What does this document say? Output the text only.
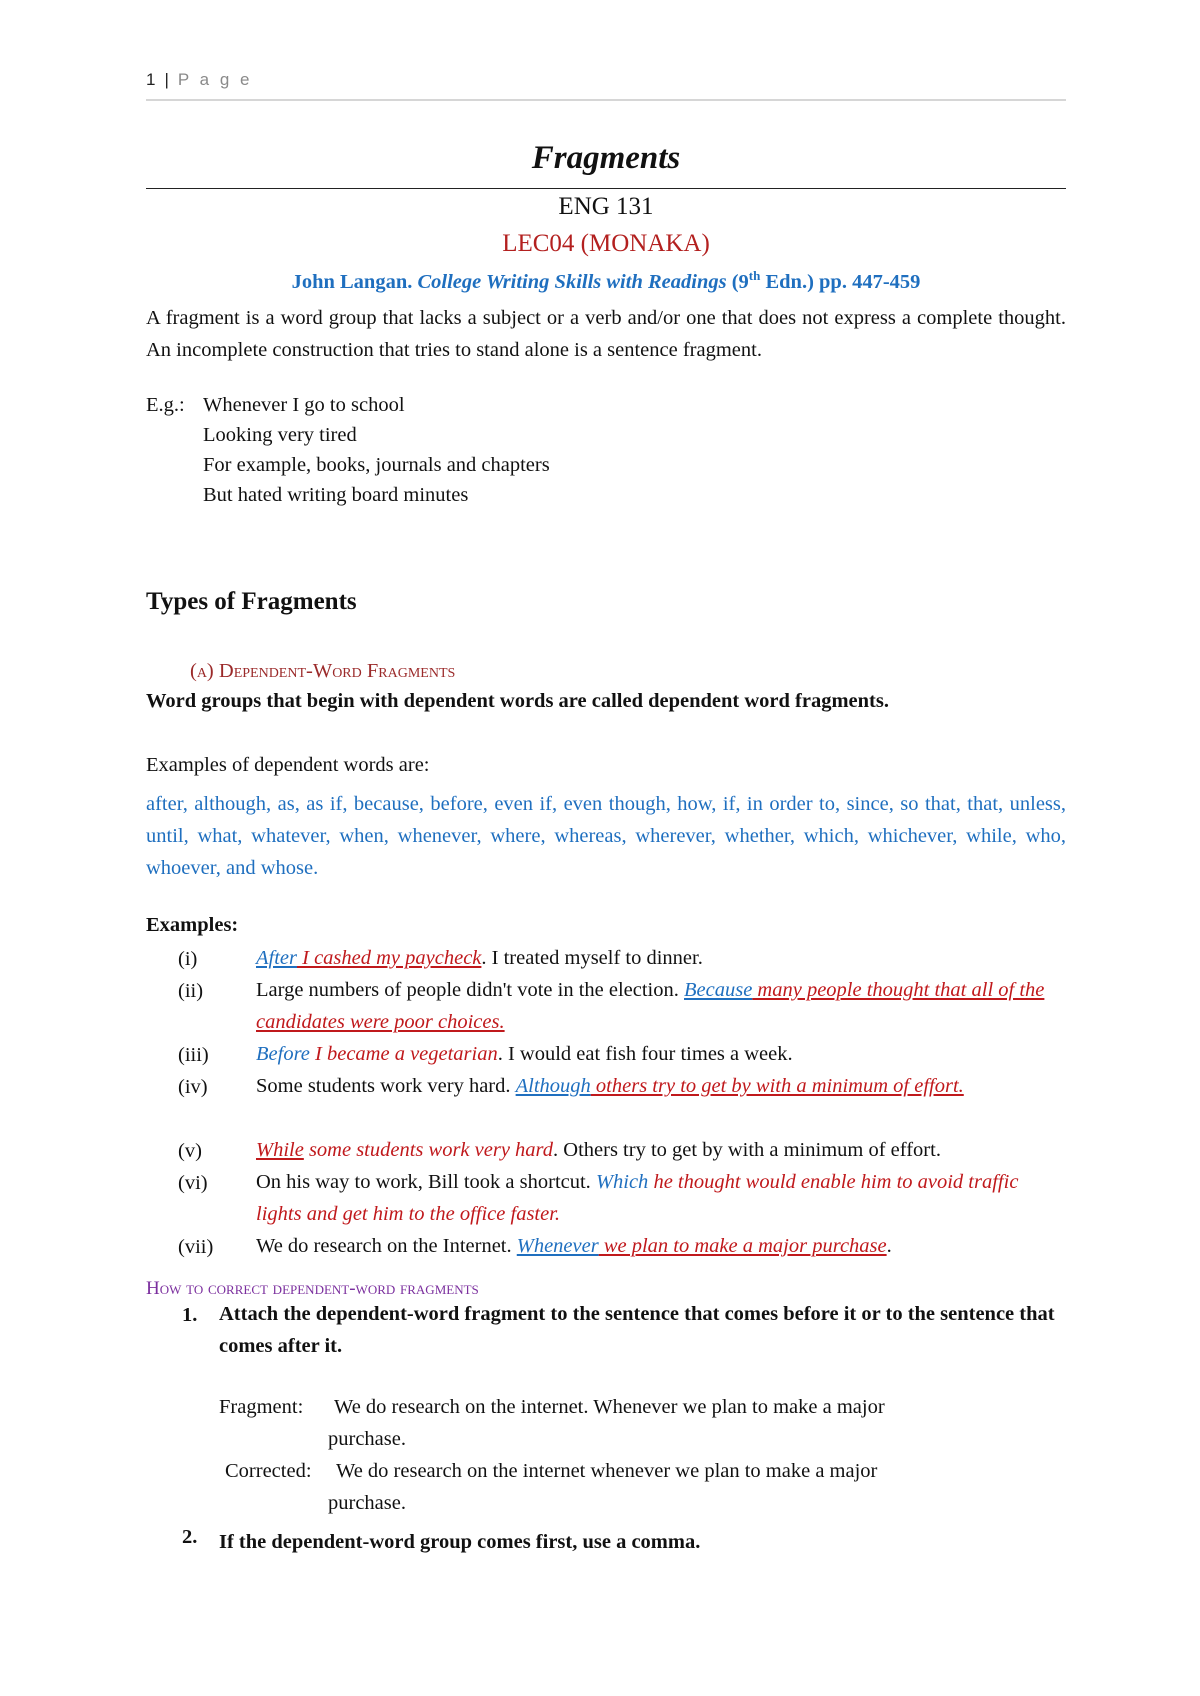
1 | P a g e
Fragments
ENG 131
LEC04 (MONAKA)
John Langan. College Writing Skills with Readings (9th Edn.) pp. 447-459
A fragment is a word group that lacks a subject or a verb and/or one that does not express a complete thought. An incomplete construction that tries to stand alone is a sentence fragment.
E.g.: Whenever I go to school
Looking very tired
For example, books, journals and chapters
But hated writing board minutes
Types of Fragments
(a) Dependent-Word Fragments
Word groups that begin with dependent words are called dependent word fragments.
Examples of dependent words are:
after, although, as, as if, because, before, even if, even though, how, if, in order to, since, so that, that, unless, until, what, whatever, when, whenever, where, whereas, wherever, whether, which, whichever, while, who, whoever, and whose.
Examples:
(i)	After I cashed my paycheck. I treated myself to dinner.
(ii)	Large numbers of people didn't vote in the election. Because many people thought that all of the candidates were poor choices.
(iii) Before I became a vegetarian. I would eat fish four times a week.
(iv) Some students work very hard. Although others try to get by with a minimum of effort.
(v)	While some students work very hard. Others try to get by with a minimum of effort.
(vi) On his way to work, Bill took a shortcut. Which he thought would enable him to avoid traffic lights and get him to the office faster.
(vii) We do research on the Internet. Whenever we plan to make a major purchase.
How to correct dependent-word fragments
1. Attach the dependent-word fragment to the sentence that comes before it or to the sentence that comes after it.
Fragment: We do research on the internet. Whenever we plan to make a major
purchase.
Corrected: We do research on the internet whenever we plan to make a major
purchase.
2. If the dependent-word group comes first, use a comma.
